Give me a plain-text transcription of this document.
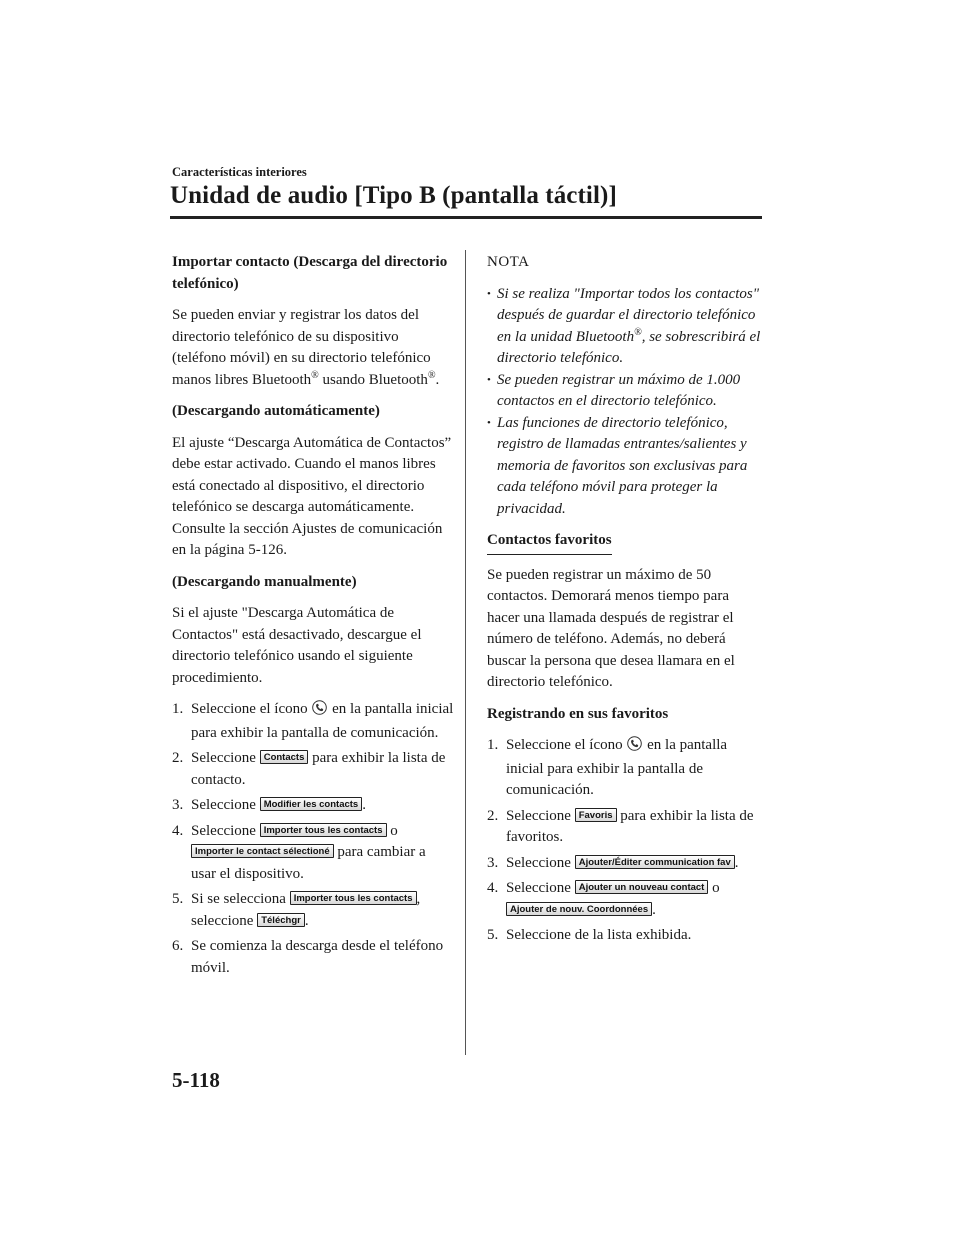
Características interiores
Unidad de audio [Tipo B (pantalla táctil)]

Importar contacto (Descarga del directorio telefónico)

Se pueden enviar y registrar los datos del directorio telefónico de su dispositivo (teléfono móvil) en su directorio telefónico manos libres Bluetooth® usando Bluetooth®.

(Descargando automáticamente)

El ajuste “Descarga Automática de Contactos” debe estar activado. Cuando el manos libres está conectado al dispositivo, el directorio telefónico se descarga automáticamente.
Consulte la sección Ajustes de comunicación en la página 5-126.

(Descargando manualmente)

Si el ajuste "Descarga Automática de Contactos" está desactivado, descargue el directorio telefónico usando el siguiente procedimiento.

1. Seleccione el ícono en la pantalla inicial para exhibir la pantalla de comunicación.
2. Seleccione Contacts para exhibir la lista de contacto.
3. Seleccione Modifier les contacts .
4. Seleccione Importer tous les contacts o Importer le contact sélectioné para cambiar a usar el dispositivo.
5. Si se selecciona Importer tous les contacts , seleccione Téléchgr .
6. Se comienza la descarga desde el teléfono móvil.

NOTA

• Si se realiza "Importar todos los contactos" después de guardar el directorio telefónico en la unidad Bluetooth®, se sobrescribirá el directorio telefónico.
• Se pueden registrar un máximo de 1.000 contactos en el directorio telefónico.
• Las funciones de directorio telefónico, registro de llamadas entrantes/salientes y memoria de favoritos son exclusivas para cada teléfono móvil para proteger la privacidad.

Contactos favoritos

Se pueden registrar un máximo de 50 contactos. Demorará menos tiempo para hacer una llamada después de registrar el número de teléfono. Además, no deberá buscar la persona que desea llamara en el directorio telefónico.

Registrando en sus favoritos

1. Seleccione el ícono en la pantalla inicial para exhibir la pantalla de comunicación.
2. Seleccione Favoris para exhibir la lista de favoritos.
3. Seleccione Ajouter/Éditer communication fav .
4. Seleccione Ajouter un nouveau contact o Ajouter de nouv. Coordonnées .
5. Seleccione de la lista exhibida.
5-118
